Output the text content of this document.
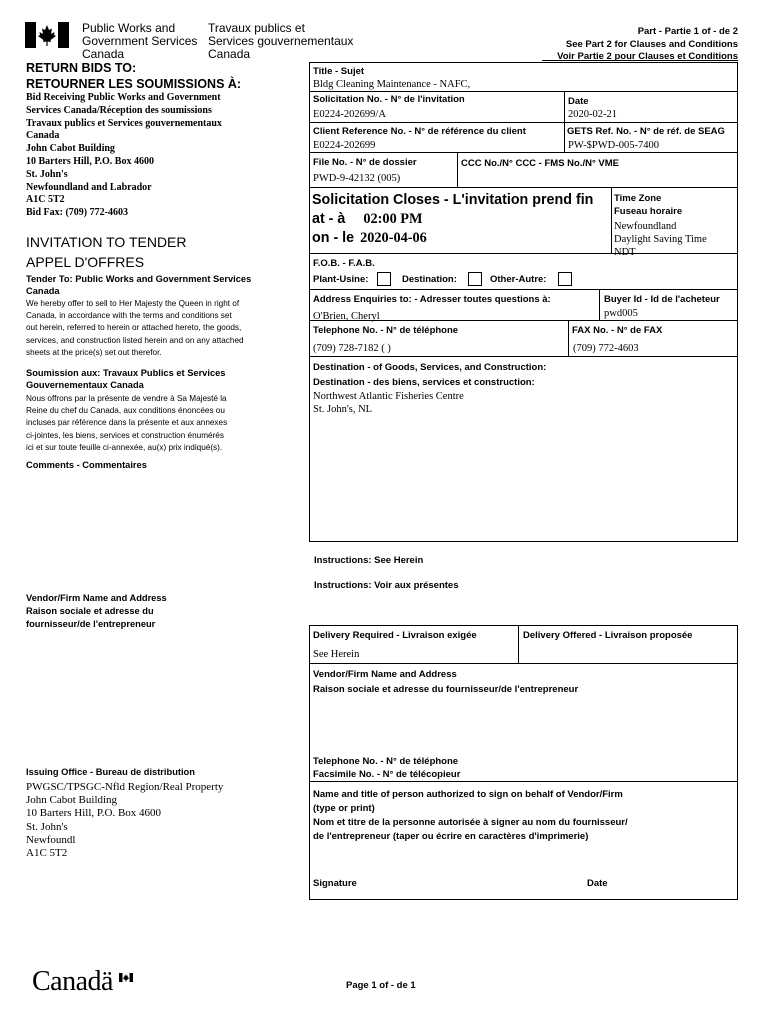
Public Works and
Government Services
Canada
Travaux publics et
Services gouvernementaux
Canada
Part - Partie 1 of - de 2
See Part 2 for Clauses and Conditions
Voir Partie 2 pour Clauses et Conditions
RETURN BIDS TO:
RETOURNER LES SOUMISSIONS À:
Bid Receiving Public Works and Government
Services Canada/Réception des soumissions
Travaux publics et Services gouvernementaux
Canada
John Cabot Building
10 Barters Hill, P.O. Box 4600
St. John's
Newfoundland and Labrador
A1C 5T2
Bid Fax: (709) 772-4603
INVITATION TO TENDER
APPEL D'OFFRES
Tender To: Public Works and Government Services
Canada
We hereby offer to sell to Her Majesty the Queen in right of
Canada, in accordance with the terms and conditions set
out herein, referred to herein or attached hereto, the goods,
services, and construction listed herein and on any attached
sheets at the price(s) set out therefor.
Soumission aux: Travaux Publics et Services
Gouvernementaux Canada
Nous offrons par la présente de vendre à Sa Majesté la
Reine du chef du Canada, aux conditions énoncées ou
incluses par référence dans la présente et aux annexes
ci-jointes, les biens, services et construction énumérés
ici et sur toute feuille ci-annexée, au(x) prix indiqué(s).
Comments - Commentaires
Vendor/Firm Name and Address
Raison sociale et adresse du
fournisseur/de l'entrepreneur
Issuing Office - Bureau de distribution
PWGSC/TPSGC-Nfld Region/Real Property
John Cabot Building
10 Barters Hill, P.O. Box 4600
St. John's
Newfoundl
A1C 5T2
Title - Sujet
Bldg Cleaning Maintenance - NAFC,
Solicitation No. - N° de l'invitation
E0224-202699/A
Date
2020-02-21
Client Reference No. - N° de référence du client
E0224-202699
GETS Ref. No. - N° de réf. de SEAG
PW-$PWD-005-7400
File No. - N° de dossier
PWD-9-42132 (005)
CCC No./N° CCC - FMS No./N° VME
Solicitation Closes - L'invitation prend fin
at - à 02:00 PM
on - le 2020-04-06
Time Zone
Fuseau horaire
Newfoundland
Daylight Saving Time
NDT
F.O.B. - F.A.B.
Plant-Usine:	Destination:	Other-Autre:
Address Enquiries to: - Adresser toutes questions à:
O'Brien, Cheryl
Buyer Id - Id de l'acheteur
pwd005
Telephone No. - N° de téléphone
(709) 728-7182 ( )
FAX No. - N° de FAX
(709) 772-4603
Destination - of Goods, Services, and Construction:
Destination - des biens, services et construction:
Northwest Atlantic Fisheries Centre
St. John's, NL
Instructions: See Herein
Instructions: Voir aux présentes
Delivery Required - Livraison exigée
See Herein
Delivery Offered - Livraison proposée
Vendor/Firm Name and Address
Raison sociale et adresse du fournisseur/de l'entrepreneur
Telephone No. - N° de téléphone
Facsimile No. - N° de télécopieur
Name and title of person authorized to sign on behalf of Vendor/Firm
(type or print)
Nom et titre de la personne autorisée à signer au nom du fournisseur/
de l'entrepreneur (taper ou écrire en caractères d'imprimerie)
Signature	Date
Canadä	Page 1 of - de 1
